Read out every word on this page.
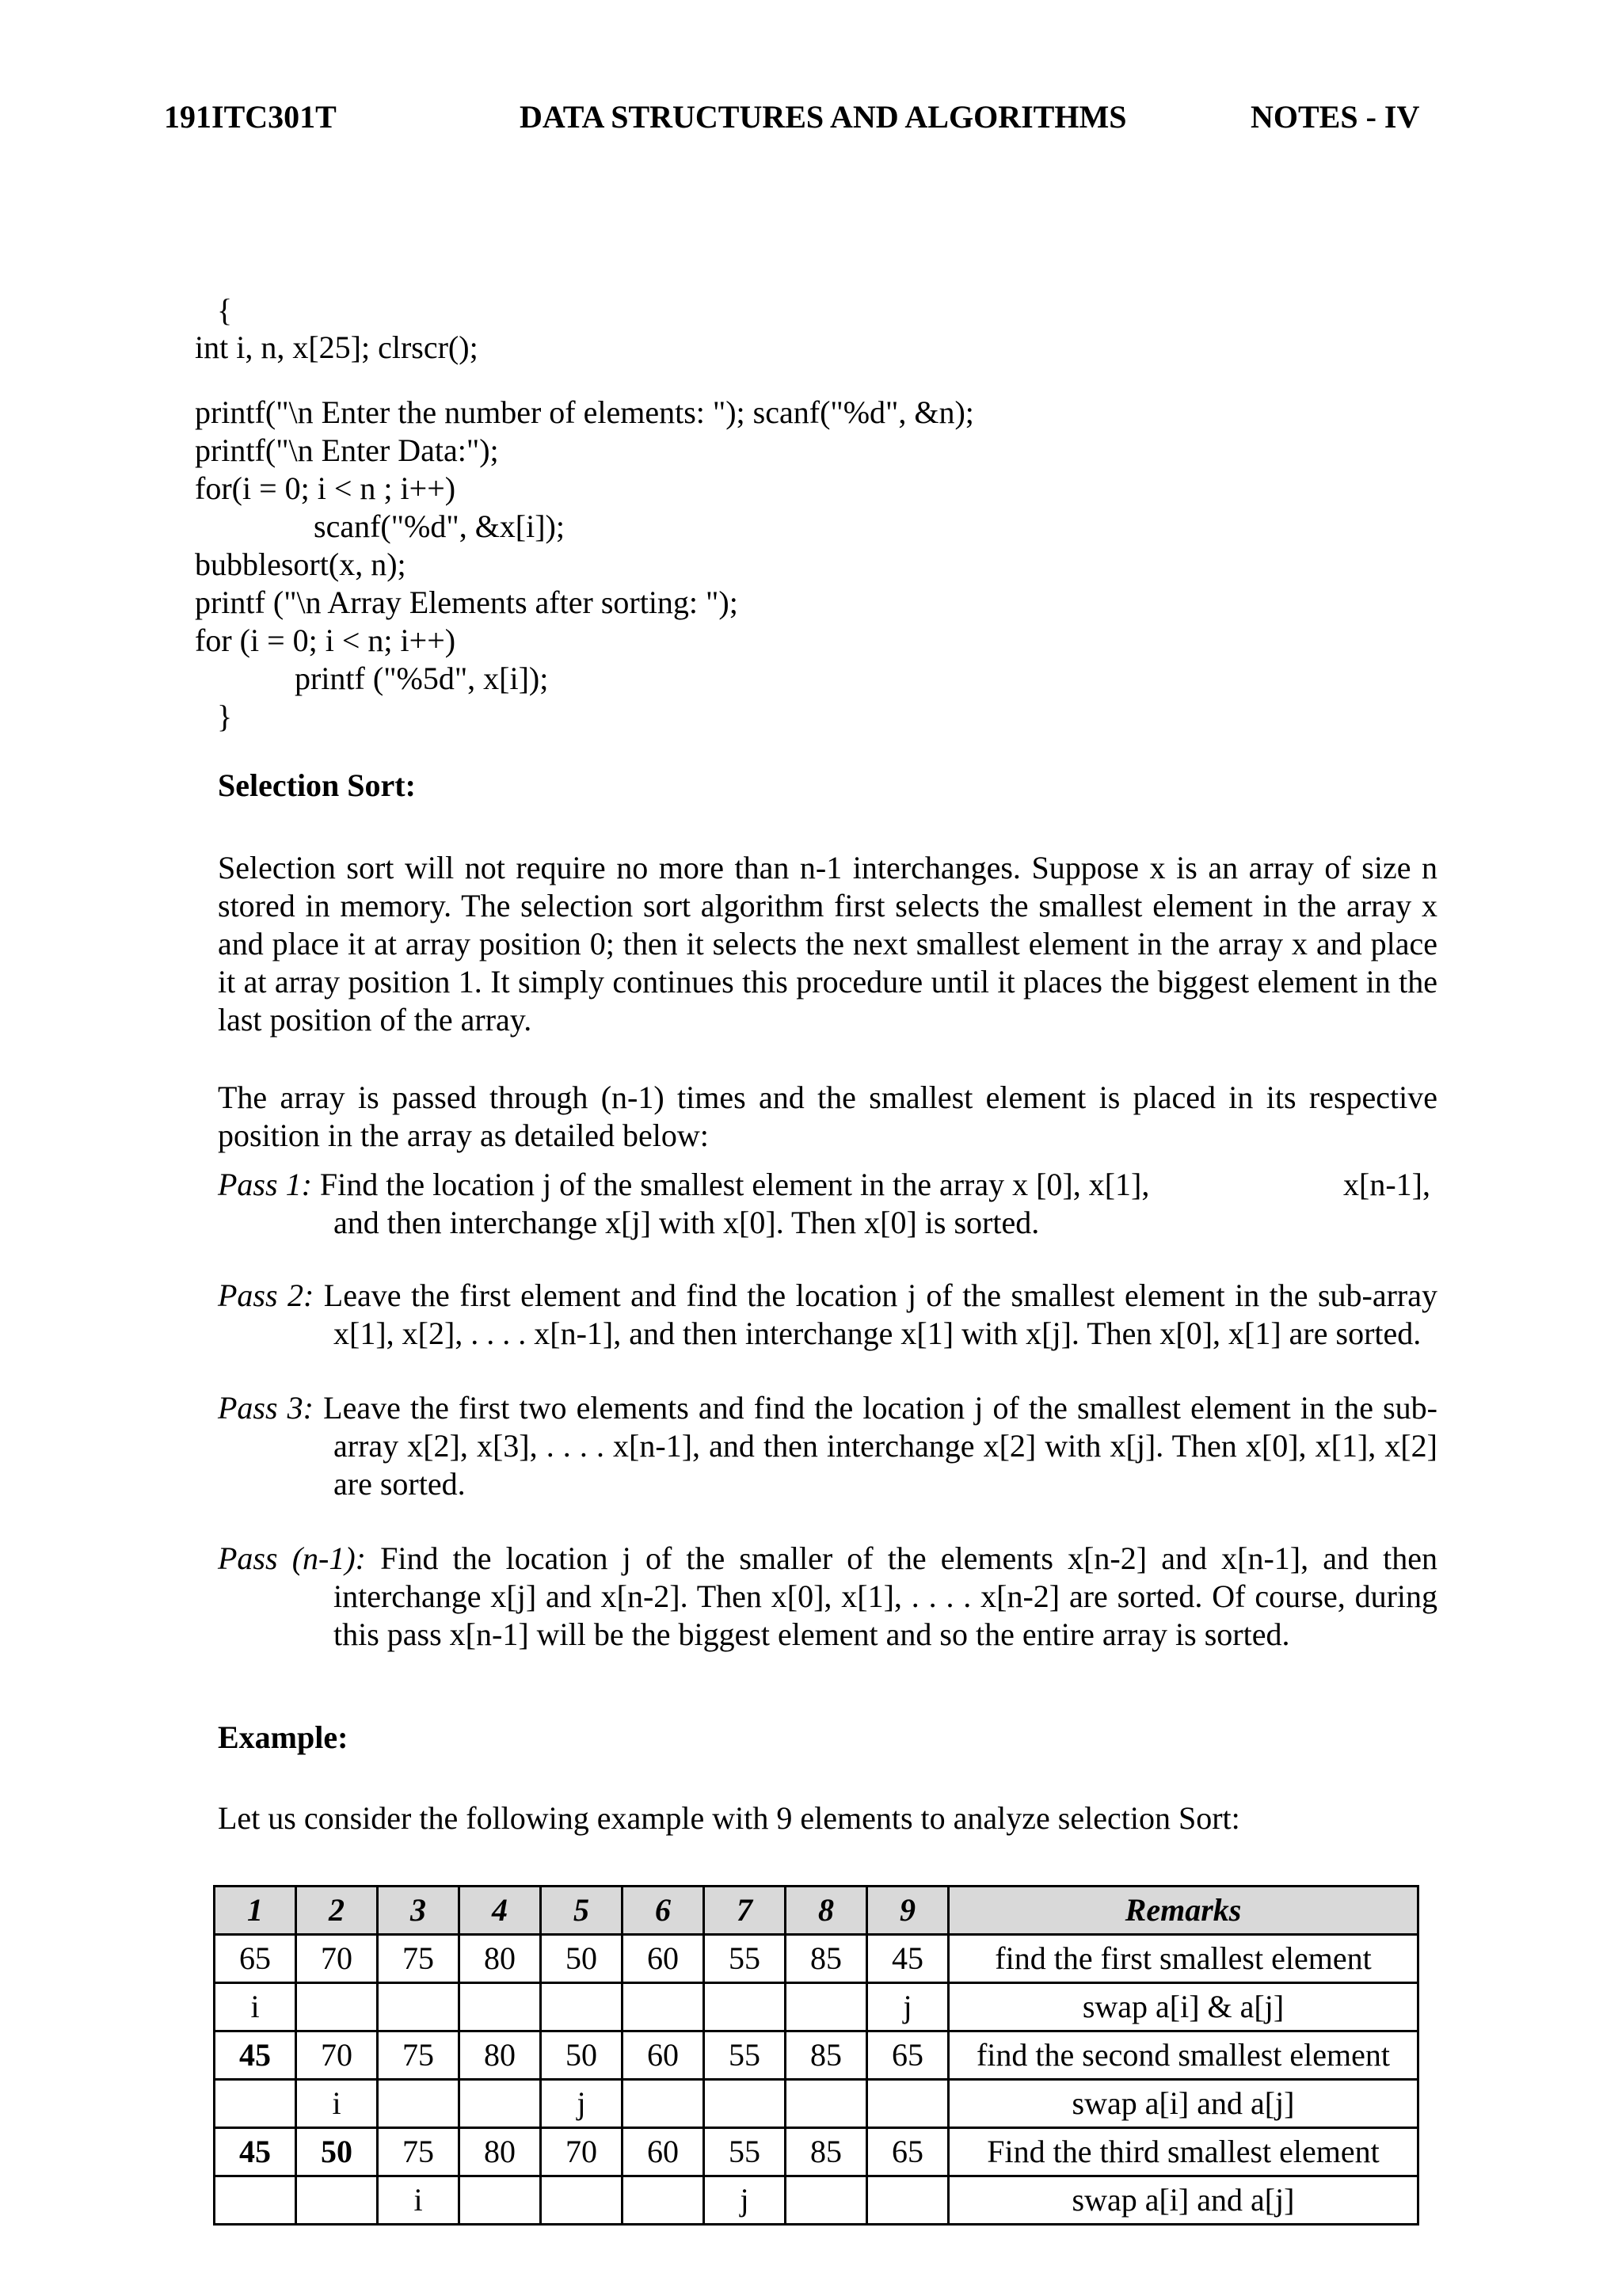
191ITC301T	DATA STRUCTURES AND ALGORITHMS	NOTES - IV
{
int i, n, x[25]; clrscr();
printf("\n Enter the number of elements: "); scanf("%d", &n);
printf("\n Enter Data:");
for(i = 0; i < n ; i++)
scanf("%d", &x[i]);
bubblesort(x, n);
printf ("\n Array Elements after sorting: ");
for (i = 0; i < n; i++)
printf ("%5d", x[i]);
}
Selection Sort:
Selection sort will not require no more than n-1 interchanges. Suppose x is an array of size n stored in memory. The selection sort algorithm first selects the smallest element in the array x and place it at array position 0; then it selects the next smallest element in the array x and place it at array position 1. It simply continues this procedure until it places the biggest element in the last position of the array.
The array is passed through (n-1) times and the smallest element is placed in its respective position in the array as detailed below:
Pass 1: Find the location j of the smallest element in the array x [0], x[1],	x[n-1],
and then interchange x[j] with x[0]. Then x[0] is sorted.
Pass 2: Leave the first element and find the location j of the smallest element in the sub-array x[1], x[2], . . . . x[n-1], and then interchange x[1] with x[j]. Then x[0], x[1] are sorted.
Pass 3: Leave the first two elements and find the location j of the smallest element in the sub-array x[2], x[3], . . . . x[n-1], and then interchange x[2] with x[j]. Then x[0], x[1], x[2] are sorted.
Pass (n-1): Find the location j of the smaller of the elements x[n-2] and x[n-1], and then interchange x[j] and x[n-2]. Then x[0], x[1], . . . . x[n-2] are sorted. Of course, during this pass x[n-1] will be the biggest element and so the entire array is sorted.
Example:
Let us consider the following example with 9 elements to analyze selection Sort:
1	2	3	4	5	6	7	8	9	Remarks
65	70	75	80	50	60	55	85	45	find the first smallest element
i								j	swap a[i] & a[j]
45	70	75	80	50	60	55	85	65	find the second smallest element
	i			j					swap a[i] and a[j]
45	50	75	80	70	60	55	85	65	Find the third smallest element
		i				j			swap a[i] and a[j]
